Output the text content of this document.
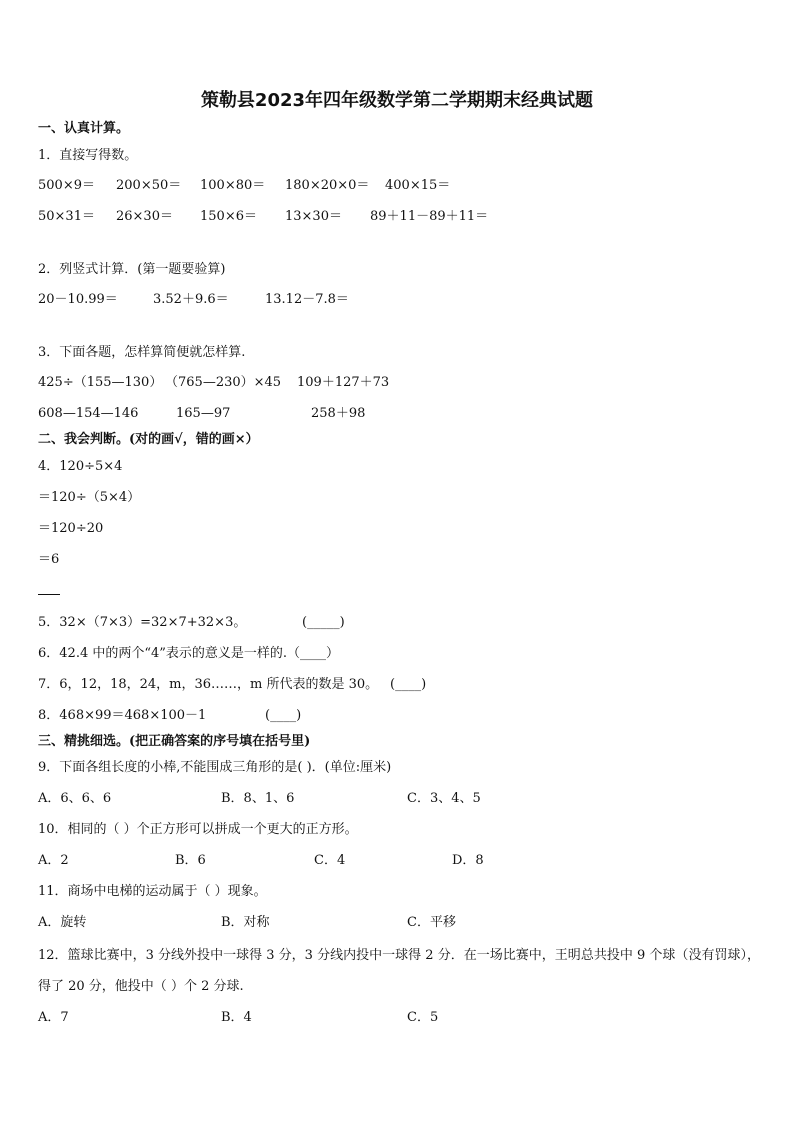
策勒县2023年四年级数学第二学期期末经典试题
一、认真计算。
1．直接写得数。
500×9＝ 200×50＝ 100×80＝ 180×20×0＝ 400×15＝
50×31＝ 26×30＝ 150×6＝ 13×30＝ 89＋11－89＋11＝
2．列竖式计算．(第一题要验算)
20－10.99＝	3.52＋9.6＝	13.12－7.8＝
3．下面各题，怎样算简便就怎样算.
425÷（155—130） （765—230）×45 109＋127＋73
608—154—146	165—97	258＋98
二、我会判断。(对的画√，错的画×）
4．120÷5×4
＝120÷（5×4）
＝120÷20
＝6
5．32×（7×3）=32×7+32×3。	(_____)
6．42.4 中的两个“4”表示的意义是一样的.（____）
7．6，12，18，24，m，36……，m 所代表的数是 30。 (____)
8．468×99＝468×100－1	(____)
三、精挑细选。(把正确答案的序号填在括号里)
9．下面各组长度的小棒,不能围成三角形的是( )．(单位:厘米)
A．6、6、6	B．8、1、6	C．3、4、5
10．相同的（ ）个正方形可以拼成一个更大的正方形。
A．2	B．6	C．4	D．8
11．商场中电梯的运动属于（ ）现象。
A．旋转	B．对称	C．平移
12．篮球比赛中，3 分线外投中一球得 3 分，3 分线内投中一球得 2 分．在一场比赛中，王明总共投中 9 个球（没有罚球），得了 20 分，他投中（ ）个 2 分球.
A．7	B．4	C．5
